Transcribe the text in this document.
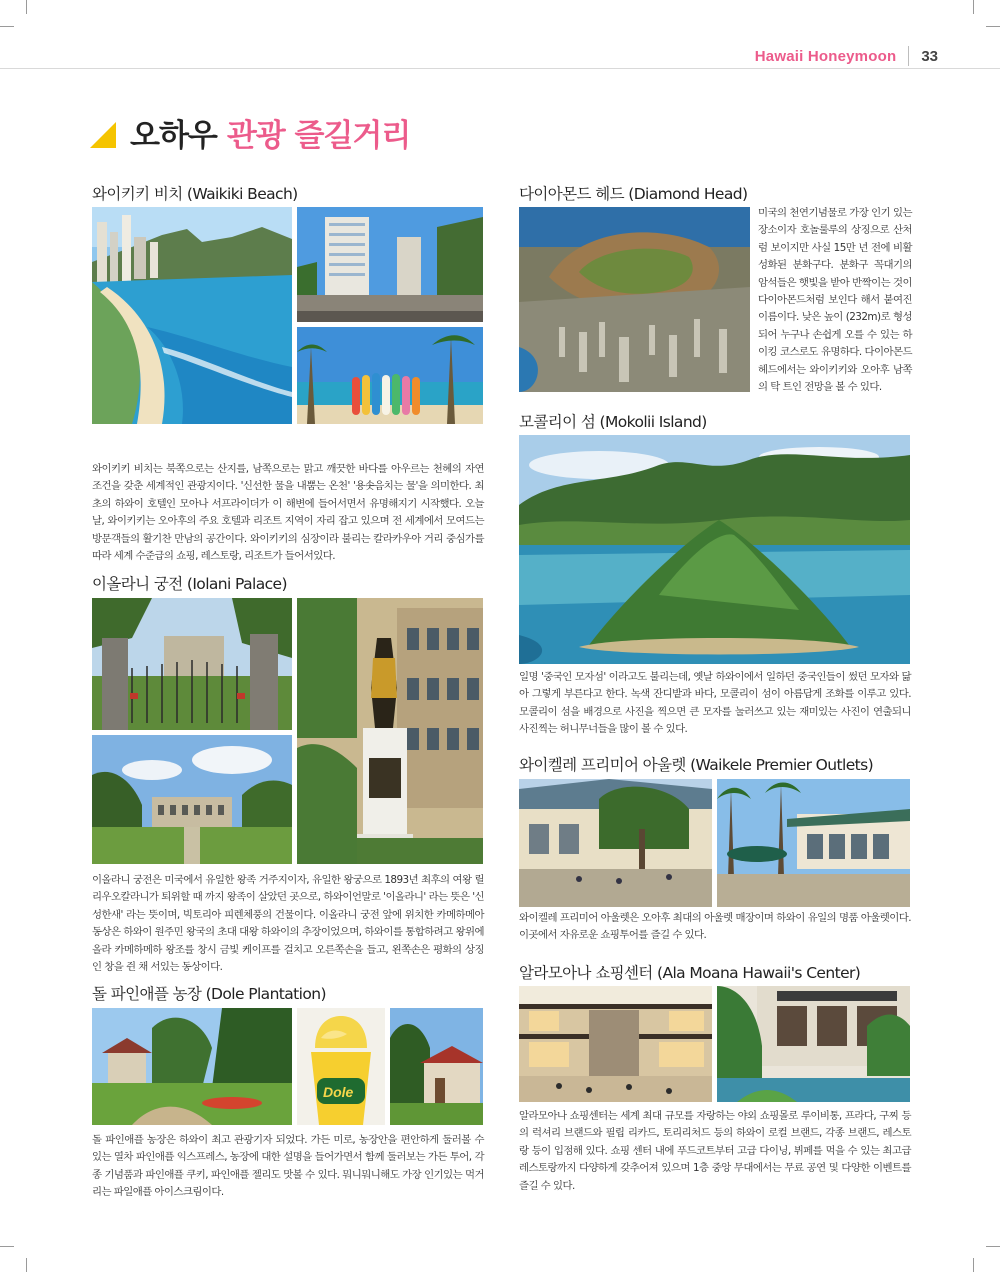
Hawaii Honeymoon 33
오하우 관광 즐길거리
와이키키 비치 (Waikiki Beach)
와이키키 비치는 북쪽으로는 산지를, 남쪽으로는 맑고 깨끗한 바다를 아우르는 천혜의 자연 조건을 갖춘 세계적인 관광지이다. '신선한 물을 내뿜는 온천' '용솟음치는 물'을 의미한다. 최초의 하와이 호텔인 모아나 서프라이더가 이 해변에 들어서면서 유명해지기 시작했다. 오늘날, 와이키키는 오아후의 주요 호텔과 리조트 지역이 자리 잡고 있으며 전 세계에서 모여드는 방문객들의 활기찬 만남의 공간이다. 와이키키의 심장이라 불리는 칼라카우아 거리 중심가를 따라 세계 수준급의 쇼핑, 레스토랑, 리조트가 들어서있다.
이올라니 궁전 (Iolani Palace)
이올라니 궁전은 미국에서 유일한 왕족 거주지이자, 유일한 왕궁으로 1893년 최후의 여왕 릴리우오칼라니가 퇴위할 때 까지 왕족이 살았던 곳으로, 하와이언말로 '이올라니' 라는 뜻은 '신성한새' 라는 뜻이며, 빅토리아 피렌체풍의 건물이다. 이올라니 궁전 앞에 위치한 카메하메아 동상은 하와이 원주민 왕국의 초대 대왕 하와이의 추장이었으며, 하와이를 통합하려고 왕위에 올라 카메하메하 왕조를 창시 금빛 케이프를 걸치고 오른쪽손을 들고, 왼쪽손은 평화의 상징인 창을 쥔 채 서있는 동상이다.
돌 파인애플 농장 (Dole Plantation)
Dole
돌 파인애플 농장은 하와이 최고 관광기자 되었다. 가든 미로, 농장안을 편안하게 둘러볼 수 있는 열차 파인애플 익스프레스, 농장에 대한 설명을 들어가면서 함께 둘러보는 가든 투어, 각종 기념품과 파인애플 쿠키, 파인애플 젤리도 맛볼 수 있다. 뭐니뭐니해도 가장 인기있는 먹거리는 파일애플 아이스크림이다.
다이아몬드 헤드 (Diamond Head)
미국의 천연기념물로 가장 인기 있는 장소이자 호놀룰루의 상징으로 산처럼 보이지만 사실 15만 년 전에 비활성화된 분화구다. 분화구 꼭대기의 암석들은 햇빛을 받아 반짝이는 것이 다이아몬드처럼 보인다 해서 붙여진 이름이다. 낮은 높이 (232m)로 형성되어 누구나 손쉽게 오를 수 있는 하이킹 코스로도 유명하다. 다이아몬드 헤드에서는 와이키키와 오아후 남쪽의 탁 트인 전망을 볼 수 있다.
모콜리이 섬 (Mokolii Island)
일명 '중국인 모자섬' 이라고도 불리는데, 옛날 하와이에서 일하던 중국인들이 썼던 모자와 닮아 그렇게 부른다고 한다. 녹색 잔디밭과 바다, 모콜리이 섬이 아름답게 조화를 이루고 있다. 모콜리이 섬을 배경으로 사진을 찍으면 큰 모자를 눌러쓰고 있는 재미있는 사진이 연출되니 사진찍는 허니무너들을 많이 볼 수 있다.
와이켈레 프리미어 아울렛 (Waikele Premier Outlets)
와이켈레 프리미어 아울렛은 오아후 최대의 아울렛 매장이며 하와이 유일의 명품 아울렛이다. 이곳에서 자유로운 쇼핑투어를 즐길 수 있다.
알라모아나 쇼핑센터 (Ala Moana Hawaii's Center)
알라모아나 쇼핑센터는 세계 최대 규모를 자랑하는 야외 쇼핑몰로 루이비통, 프라다, 구찌 등의 럭셔리 브랜드와 필립 리카드, 토리리처드 등의 하와이 로컬 브랜드, 각종 브랜드, 레스토랑 등이 입점해 있다. 쇼핑 센터 내에 푸드코트부터 고급 다이닝, 뷔페를 먹을 수 있는 최고급 레스토랑까지 다양하게 갖추어져 있으며 1층 중앙 무대에서는 무료 공연 및 다양한 이벤트를 즐길 수 있다.
